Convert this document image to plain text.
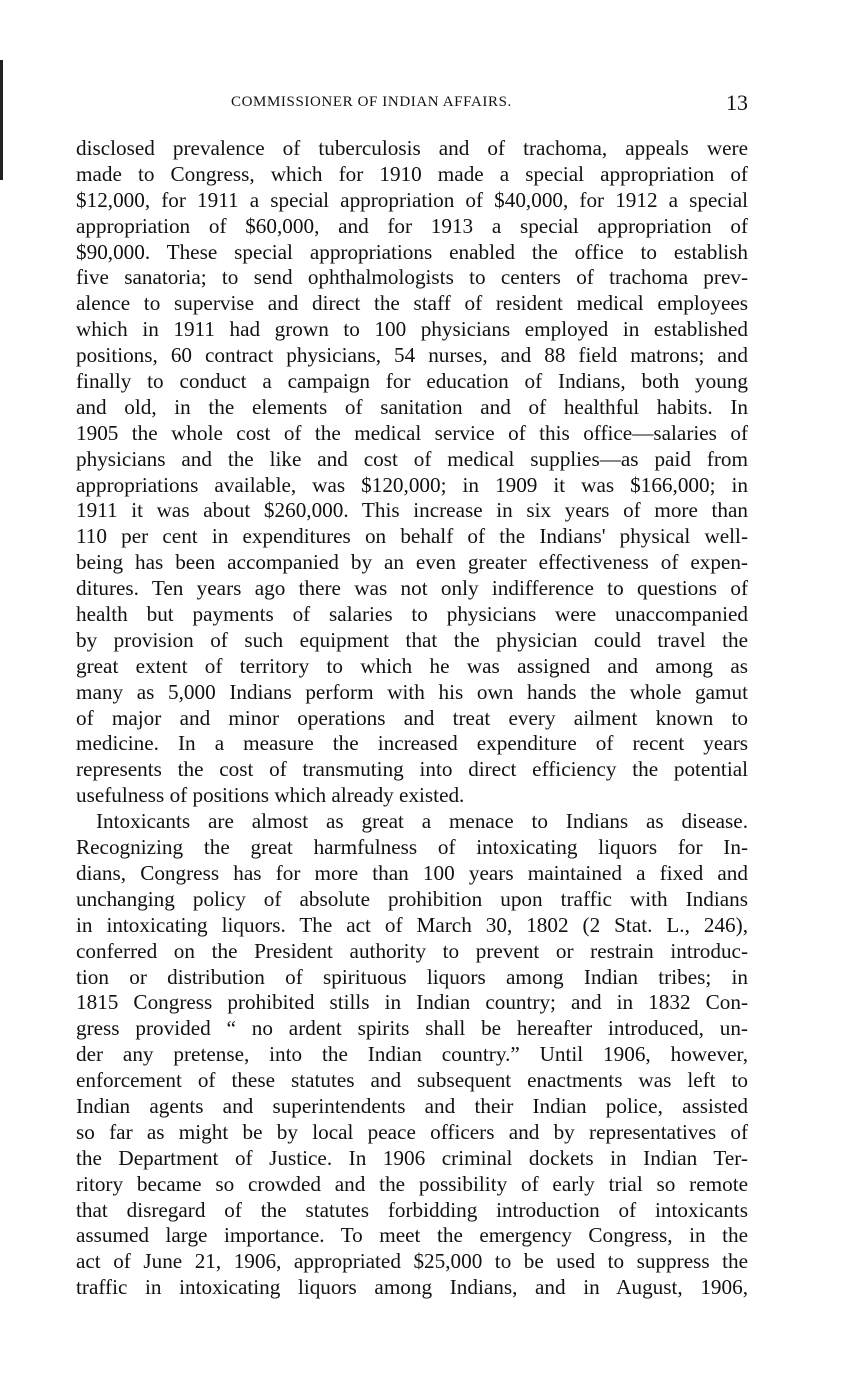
COMMISSIONER OF INDIAN AFFAIRS.	13
disclosed prevalence of tuberculosis and of trachoma, appeals were
made to Congress, which for 1910 made a special appropriation of
$12,000, for 1911 a special appropriation of $40,000, for 1912 a special
appropriation of $60,000, and for 1913 a special appropriation of
$90,000. These special appropriations enabled the office to establish
five sanatoria; to send ophthalmologists to centers of trachoma prev-
alence to supervise and direct the staff of resident medical employees
which in 1911 had grown to 100 physicians employed in established
positions, 60 contract physicians, 54 nurses, and 88 field matrons; and
finally to conduct a campaign for education of Indians, both young
and old, in the elements of sanitation and of healthful habits. In
1905 the whole cost of the medical service of this office—salaries of
physicians and the like and cost of medical supplies—as paid from
appropriations available, was $120,000; in 1909 it was $166,000; in
1911 it was about $260,000. This increase in six years of more than
110 per cent in expenditures on behalf of the Indians' physical well-
being has been accompanied by an even greater effectiveness of expen-
ditures. Ten years ago there was not only indifference to questions of
health but payments of salaries to physicians were unaccompanied
by provision of such equipment that the physician could travel the
great extent of territory to which he was assigned and among as
many as 5,000 Indians perform with his own hands the whole gamut
of major and minor operations and treat every ailment known to
medicine. In a measure the increased expenditure of recent years
represents the cost of transmuting into direct efficiency the potential
usefulness of positions which already existed.
Intoxicants are almost as great a menace to Indians as disease.
Recognizing the great harmfulness of intoxicating liquors for In-
dians, Congress has for more than 100 years maintained a fixed and
unchanging policy of absolute prohibition upon traffic with Indians
in intoxicating liquors. The act of March 30, 1802 (2 Stat. L., 246),
conferred on the President authority to prevent or restrain introduc-
tion or distribution of spirituous liquors among Indian tribes; in
1815 Congress prohibited stills in Indian country; and in 1832 Con-
gress provided “ no ardent spirits shall be hereafter introduced, un-
der any pretense, into the Indian country.” Until 1906, however,
enforcement of these statutes and subsequent enactments was left to
Indian agents and superintendents and their Indian police, assisted
so far as might be by local peace officers and by representatives of
the Department of Justice. In 1906 criminal dockets in Indian Ter-
ritory became so crowded and the possibility of early trial so remote
that disregard of the statutes forbidding introduction of intoxicants
assumed large importance. To meet the emergency Congress, in the
act of June 21, 1906, appropriated $25,000 to be used to suppress the
traffic in intoxicating liquors among Indians, and in August, 1906,
